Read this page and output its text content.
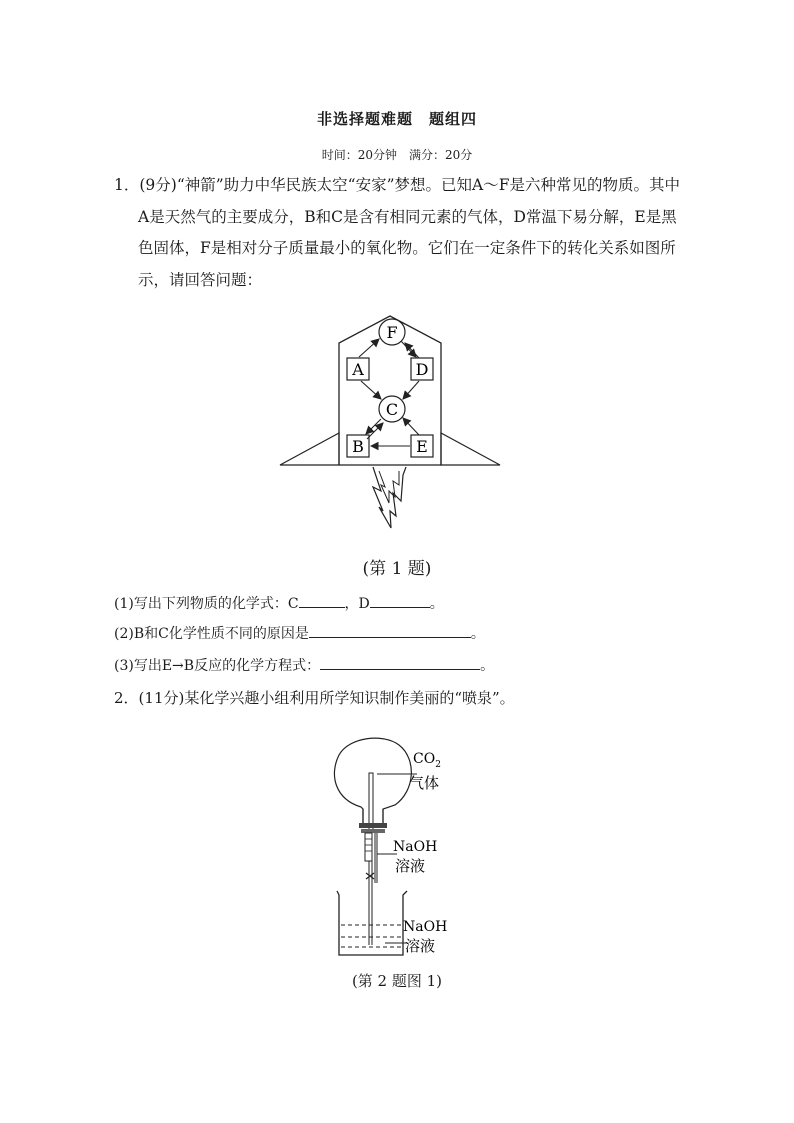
非选择题难题　题组四
时间：20分钟　满分：20分
1．(9分)“神箭”助力中华民族太空“安家”梦想。已知A～F是六种常见的物质。其中A是天然气的主要成分，B和C是含有相同元素的气体，D常温下易分解，E是黑色固体，F是相对分子质量最小的氧化物。它们在一定条件下的转化关系如图所示，请回答问题：
F
A	D
C
B	E
(第 1 题)
(1)写出下列物质的化学式：C	，D	。
(2)B和C化学性质不同的原因是	。
(3)写出E→B反应的化学方程式：	。
2．(11分)某化学兴趣小组利用所学知识制作美丽的“喷泉”。
$CO_2$
气体
NaOH
溶液
NaOH
溶液
(第 2 题图 1)
